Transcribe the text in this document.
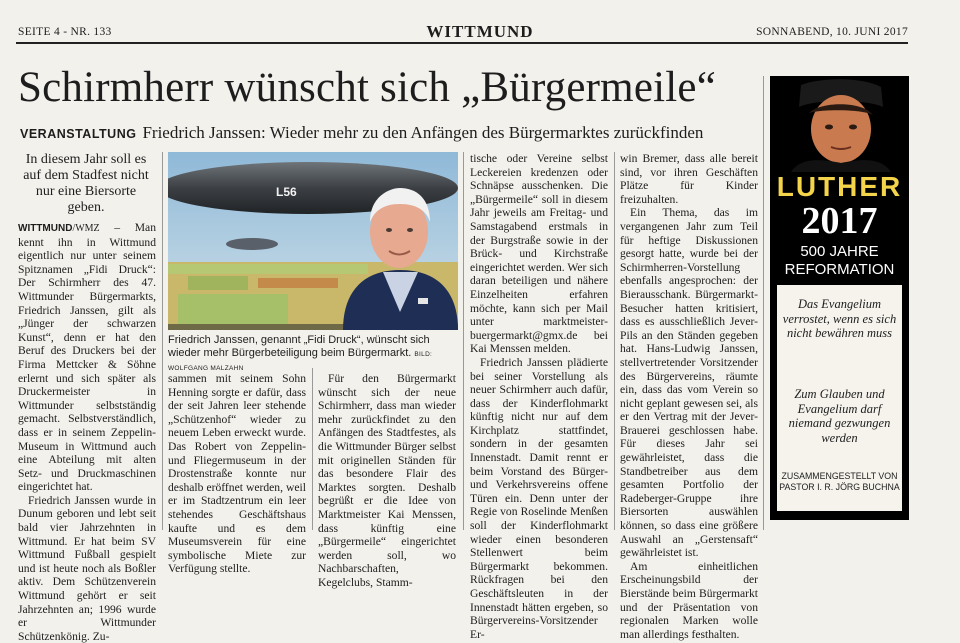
SEITE 4 - NR. 133	WITTMUND	SONNABEND, 10. JUNI 2017
Schirmherr wünscht sich „Bürgermeile“
VERANSTALTUNG Friedrich Janssen: Wieder mehr zu den Anfängen des Bürgermarktes zurückfinden
In diesem Jahr soll es auf dem Stadfest nicht nur eine Biersorte geben.

WITTMUND/WMZ – Man kennt ihn in Wittmund eigentlich nur unter seinem Spitznamen „Fidi Druck“: Der Schirmherr des 47. Wittmunder Bürgermarkts, Friedrich Janssen, gilt als „Jünger der schwarzen Kunst“, denn er hat den Beruf des Druckers bei der Firma Mettcker & Söhne erlernt und sich später als Druckermeister in Wittmunder selbstständig gemacht. Selbstverständlich, dass er in seinem Zeppelin-Museum in Wittmund auch eine Abteilung mit alten Setz- und Druckmaschinen eingerichtet hat.

Friedrich Janssen wurde in Dunum geboren und lebt seit bald vier Jahrzehnten in Wittmund. Er hat beim SV Wittmund Fußball gespielt und ist heute noch als Boßler aktiv. Dem Schützenverein Wittmund gehört er seit Jahrzehnten an; 1996 wurde er Wittmunder Schützenkönig. Zu-

L56
Friedrich Janssen, genannt „Fidi Druck“, wünscht sich wieder mehr Bürgerbeteiligung beim Bürgermarkt. BILD: WOLFGANG MALZAHN

sammen mit seinem Sohn Henning sorgte er dafür, dass der seit Jahren leer stehende „Schützenhof“ wieder zu neuem Leben erweckt wurde. Das Robert von Zeppelin- und Fliegermuseum in der Drostenstraße konnte nur deshalb eröffnet werden, weil er im Stadtzentrum ein leer stehendes Geschäftshaus kaufte und es dem Museumsverein für eine symbolische Miete zur Verfügung stellte.

Für den Bürgermarkt wünscht sich der neue Schirmherr, dass man wieder mehr zurückfindet zu den Anfängen des Stadtfestes, als die Wittmunder Bürger selbst mit originellen Ständen für das besondere Flair des Marktes sorgten. Deshalb begrüßt er die Idee von Marktmeister Kai Menssen, dass künftig eine „Bürgermeile“ eingerichtet werden soll, wo Nachbarschaften, Kegelclubs, Stamm-

tische oder Vereine selbst Leckereien kredenzen oder Schnäpse ausschenken. Die „Bürgermeile“ soll in diesem Jahr jeweils am Freitag- und Samstagabend erstmals in der Burgstraße sowie in der Brück- und Kirchstraße eingerichtet werden. Wer sich daran beteiligen und nähere Einzelheiten erfahren möchte, kann sich per Mail unter marktmeister-buergermarkt@gmx.de bei Kai Menssen melden.

Friedrich Janssen plädierte bei seiner Vorstellung als neuer Schirmherr auch dafür, dass der Kinderflohmarkt künftig nicht nur auf dem Kirchplatz stattfindet, sondern in der gesamten Innenstadt. Damit rennt er beim Vorstand des Bürger- und Verkehrsvereins offene Türen ein. Denn unter der Regie von Roselinde Menßen soll der Kinderflohmarkt wieder einen besonderen Stellenwert beim Bürgermarkt bekommen. Rückfragen bei den Geschäftsleuten in der Innenstadt hätten ergeben, so Bürgervereins-Vorsitzender Er-

win Bremer, dass alle bereit sind, vor ihren Geschäften Plätze für Kinder freizuhalten.

Ein Thema, das im vergangenen Jahr zum Teil für heftige Diskussionen gesorgt hatte, wurde bei der Schirmherren-Vorstellung ebenfalls angesprochen: der Bierausschank. Bürgermarkt-Besucher hatten kritisiert, dass es ausschließlich Jever-Pils an den Ständen gegeben hat. Hans-Ludwig Janssen, stellvertretender Vorsitzender des Bürgervereins, räumte ein, dass das vom Verein so nicht geplant gewesen sei, als er den Vertrag mit der Jever-Brauerei geschlossen habe. Für dieses Jahr sei gewährleistet, dass die Standbetreiber aus dem gesamten Portfolio der Radeberger-Gruppe ihre Biersorten auswählen können, so dass eine größere Auswahl an „Gerstensaft“ gewährleistet ist.

Am einheitlichen Erscheinungsbild der Bierstände beim Bürgermarkt und der Präsentation von regionalen Marken wolle man allerdings festhalten.

LUTHER
2017
500 JAHRE
REFORMATION
Das Evangelium verrostet, wenn es sich nicht bewähren muss
Zum Glauben und Evangelium darf niemand gezwungen werden
ZUSAMMENGESTELLT VON PASTOR I. R. JÖRG BUCHNA
